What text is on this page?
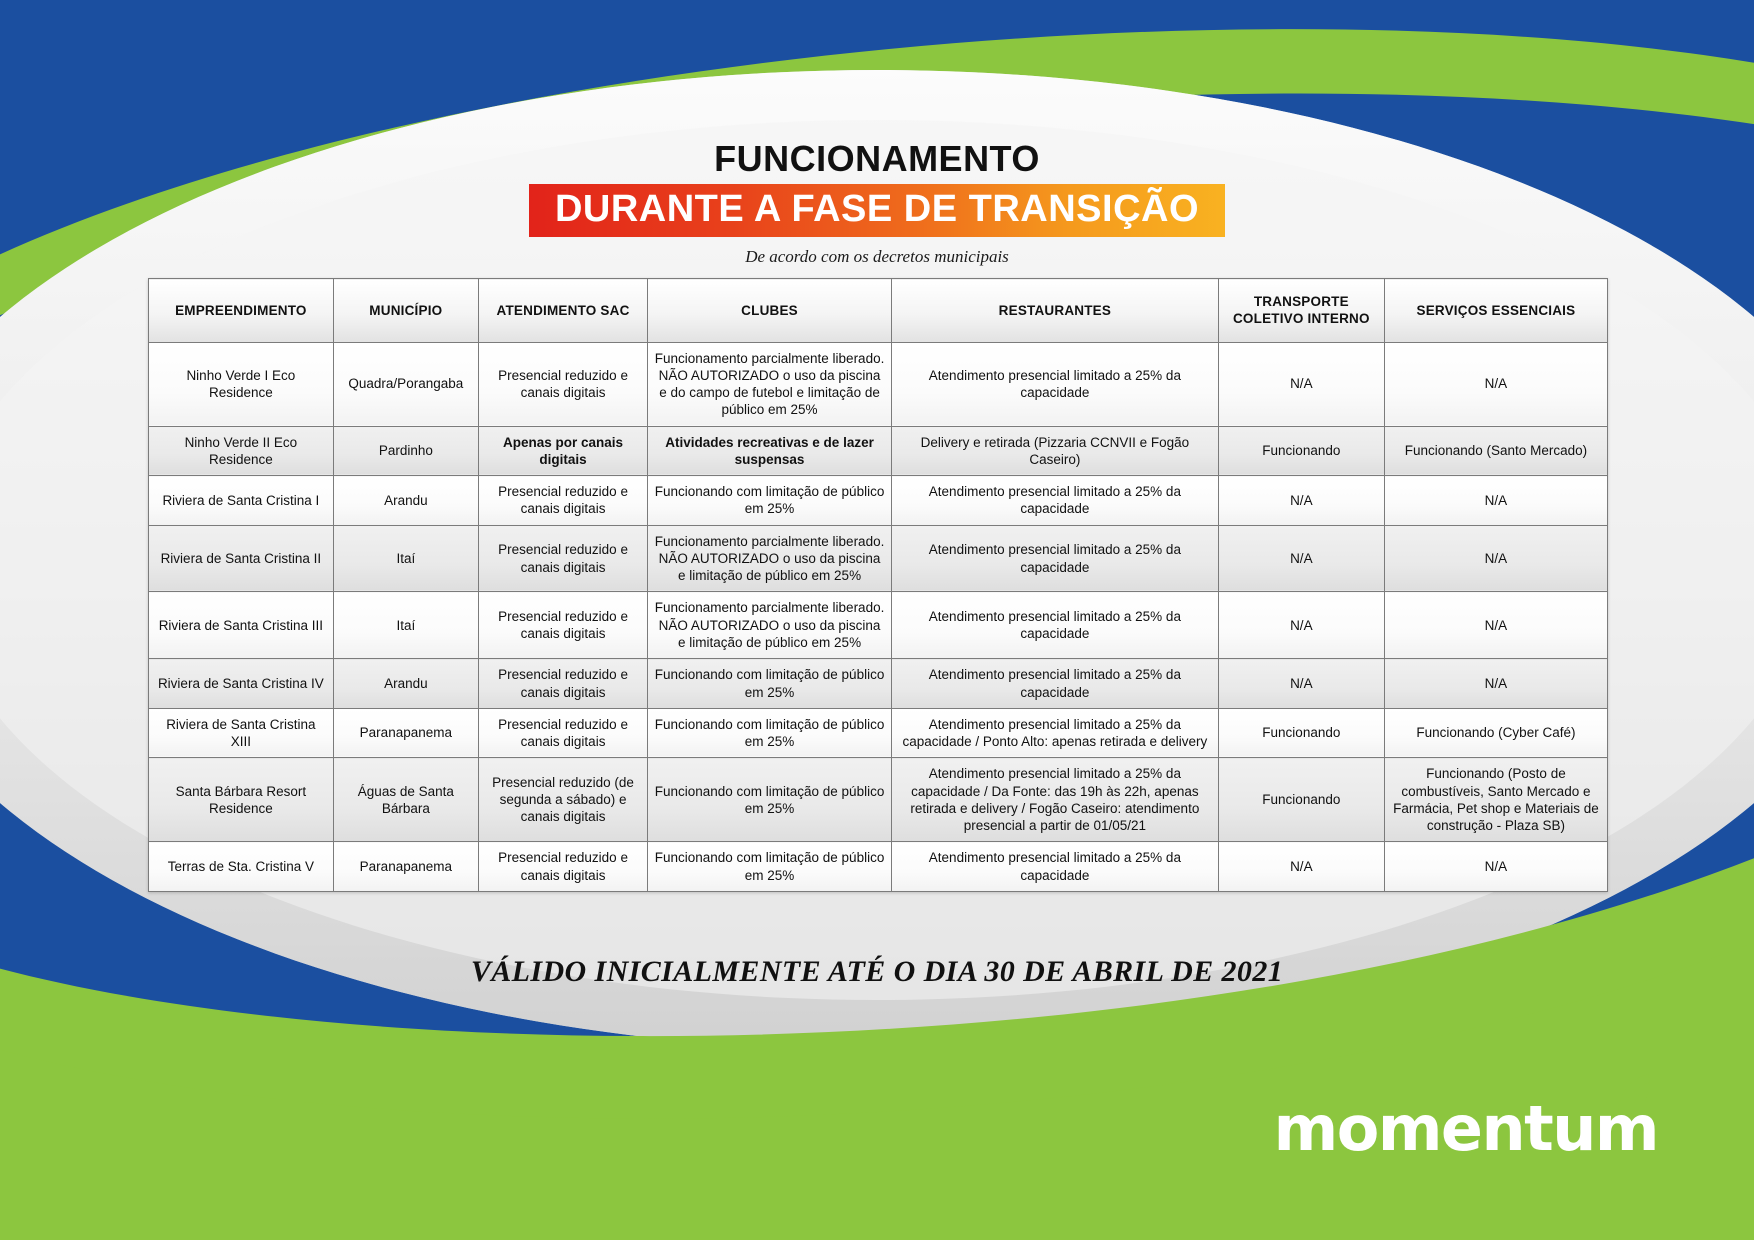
FUNCIONAMENTO
DURANTE A FASE DE TRANSIÇÃO
De acordo com os decretos municipais
EMPREENDIMENTO	MUNICÍPIO	ATENDIMENTO SAC	CLUBES	RESTAURANTES	TRANSPORTE
COLETIVO INTERNO	SERVIÇOS ESSENCIAIS
Ninho Verde I Eco Residence	Quadra/Porangaba	Presencial reduzido e canais digitais	Funcionamento parcialmente liberado. NÃO AUTORIZADO o uso da piscina e do campo de futebol e limitação de público em 25%	Atendimento presencial limitado a 25% da capacidade	N/A	N/A
Ninho Verde II Eco Residence	Pardinho	Apenas por canais digitais	Atividades recreativas e de lazer suspensas	Delivery e retirada (Pizzaria CCNVII e Fogão Caseiro)	Funcionando	Funcionando (Santo Mercado)
Riviera de Santa Cristina I	Arandu	Presencial reduzido e canais digitais	Funcionando com limitação de público em 25%	Atendimento presencial limitado a 25% da capacidade	N/A	N/A
Riviera de Santa Cristina II	Itaí	Presencial reduzido e canais digitais	Funcionamento parcialmente liberado. NÃO AUTORIZADO o uso da piscina e limitação de público em 25%	Atendimento presencial limitado a 25% da capacidade	N/A	N/A
Riviera de Santa Cristina III	Itaí	Presencial reduzido e canais digitais	Funcionamento parcialmente liberado. NÃO AUTORIZADO o uso da piscina e limitação de público em 25%	Atendimento presencial limitado a 25% da capacidade	N/A	N/A
Riviera de Santa Cristina IV	Arandu	Presencial reduzido e canais digitais	Funcionando com limitação de público em 25%	Atendimento presencial limitado a 25% da capacidade	N/A	N/A
Riviera de Santa Cristina XIII	Paranapanema	Presencial reduzido e canais digitais	Funcionando com limitação de público em 25%	Atendimento presencial limitado a 25% da capacidade / Ponto Alto: apenas retirada e delivery	Funcionando	Funcionando (Cyber Café)
Santa Bárbara Resort Residence	Águas de Santa Bárbara	Presencial reduzido (de segunda a sábado) e canais digitais	Funcionando com limitação de público em 25%	Atendimento presencial limitado a 25% da capacidade / Da Fonte: das 19h às 22h, apenas retirada e delivery / Fogão Caseiro: atendimento presencial a partir de 01/05/21	Funcionando	Funcionando (Posto de combustíveis, Santo Mercado e Farmácia, Pet shop e Materiais de construção - Plaza SB)
Terras de Sta. Cristina V	Paranapanema	Presencial reduzido e canais digitais	Funcionando com limitação de público em 25%	Atendimento presencial limitado a 25% da capacidade	N/A	N/A
VÁLIDO INICIALMENTE ATÉ O DIA 30 DE ABRIL DE 2021
momentum
